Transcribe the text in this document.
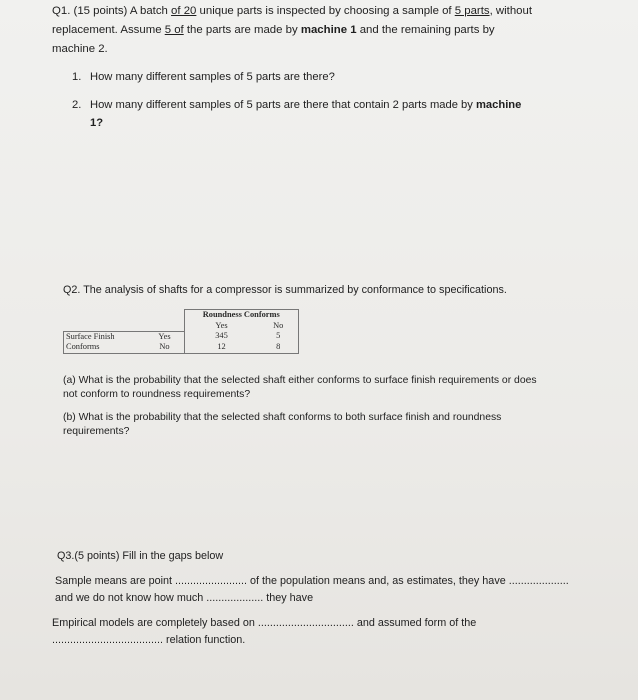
Q1. (15 points) A batch of 20 unique parts is inspected by choosing a sample of 5 parts, without
replacement. Assume 5 of the parts are made by machine 1 and the remaining parts by
machine 2.
1. How many different samples of 5 parts are there?
2. How many different samples of 5 parts are there that contain 2 parts made by machine
1?
Q2. The analysis of shafts for a compressor is summarized by conformance to specifications.
		Roundness Conforms	
		Yes	No
Surface Finish	Yes	345	5
Conforms	No	12	8
(a) What is the probability that the selected shaft either conforms to surface finish requirements or does
not conform to roundness requirements?
(b) What is the probability that the selected shaft conforms to both surface finish and roundness
requirements?
Q3.(5 points) Fill in the gaps below
Sample means are point ........................ of the population means and, as estimates, they have ....................
and we do not know how much ................... they have
Empirical models are completely based on ................................ and assumed form of the
..................................... relation function.
